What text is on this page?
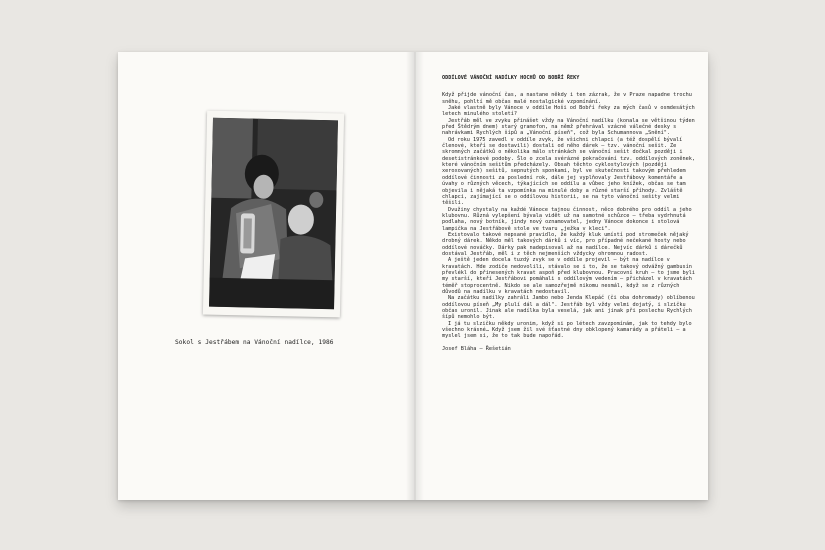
Sokol s Jestřábem na Vánoční nadílce, 1986
ODDÍLOVÉ VÁNOČNÍ NADÍLKY HOCHŮ OD BOBŘÍ ŘEKY

Když přijde vánoční čas, a nastane někdy i ten zázrak, že v Praze napadne trochu sněhu, pohltí mě občas malé nostalgické vzpomínání.

Jaké vlastně byly Vánoce v oddíle Hoši od Bobří řeky za mých časů v osmdesátých letech minulého století?

Jestřáb měl ve zvyku přinášet vždy na Vánoční nadílku (konala se většinou týden před Štědrým dnem) starý gramofon, na němž přehrával vzácné válečné desky s nahrávkami Rychlých šípů a „Vánoční píseň", což byla Schumannova „Snění".

Od roku 1975 zavedl v oddíle zvyk, že všichni chlapci (a též dospělí bývalí členové, kteří se dostavili) dostali od něho dárek – tzv. vánoční sešit. Ze skromných začátků o několika málo stránkách se vánoční sešit dočkal později i desetistránkové podoby. Šlo o zcela svérázné pokračování tzv. oddílových zoněnek, které vánočním sešitům předcházely. Obsah těchto cyklostylových (později xeroxovaných) sešitů, sepnutých sponkami, byl ve skutečnosti takovým přehledem oddílové činnosti za poslední rok, dále jej vyplňovaly Jestřábovy komentáře a úvahy o různých věcech, týkajících se oddílu a vůbec jeho knížek, občas se tam objevila i nějaká ta vzpomínka na minulé doby a různé starší příhody. Zvláště chlapci, zajímající se o oddílovou historii, se na tyto vánoční sešity velmi těšili.

Dvužiny chystaly na každé Vánoce tajnou činnost, něco dobrého pro oddíl a jeho klubovnu. Různá vylepšení bývala vidět už na samotné schůzce – třeba vydrhnutá podlaha, nový botník, jindy nový oznamovatel, jedny Vánoce dokonce i stolová lampička na Jestřábově stole ve tvaru „ježka v kleci".

Existovalo takové nepsané pravidlo, že každý kluk umístí pod stromeček nějaký drobný dárek. Někdo měl takových dárků i víc, pro případné nečekané hosty nebo oddílové nováčky. Dárky pak nadepisoval až na nadílce. Nejvíc dárků i dárečků dostával Jestřáb, měl i z těch nejmenších vždycky ohromnou radost.

A ještě jeden docela tuzdý zvyk se v oddíle projevil – být na nadílce v kravatách. Hde zodiče nedovolili, stávalo se i to, že se takový odvážný gambusín převlékl do přinesených kravat aspoň před klubovnou. Pracovní kruh – to jsme byli my starší, kteří Jestřábovi pomáhali s oddílovým vedením – přicházel v kravatách téměř stoprocentně. Nikdo se ale samozřejmě nikomu nesmál, když se z různých důvodů na nadílku v kravatách nedostavil.

Na začátku nadílky zahráli Jambo nebo Jenda Klepáč (či oba dohromady) oblíbenou oddílovou píseň „My plulí dál a dál". Jestřáb byl vždy velmi dojatý, i slzičku občas uronil. Jinak ale nadílka byla veselá, jak ani jinak při poslechu Rychlých šípů nemohlo být.

I já tu slzičku někdy uronim, když si po létech zavzpomínám, jak to tehdy bylo všechno krásné… Když jsem žil své šťastné dny obklopený kamarády a přáteli – a myslel jsem si, že to tak bude napořád.

Josef Bláha – Řešetián
